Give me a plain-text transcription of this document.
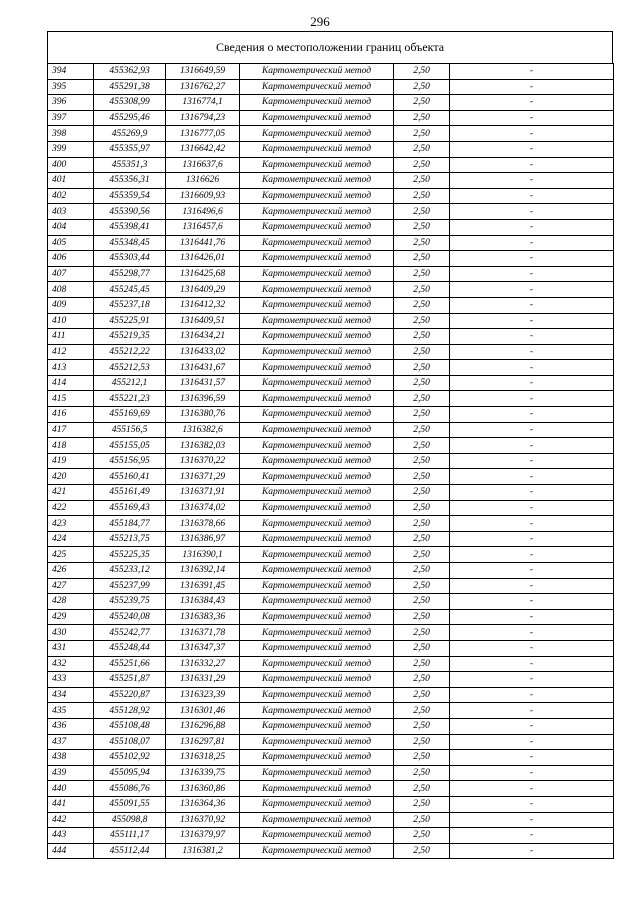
296
Сведения о местоположении границ объекта
394	455362,93	1316649,59	Картометрический метод	2,50	-
395	455291,38	1316762,27	Картометрический метод	2,50	-
396	455308,99	1316774,1	Картометрический метод	2,50	-
397	455295,46	1316794,23	Картометрический метод	2,50	-
398	455269,9	1316777,05	Картометрический метод	2,50	-
399	455355,97	1316642,42	Картометрический метод	2,50	-
400	455351,3	1316637,6	Картометрический метод	2,50	-
401	455356,31	1316626	Картометрический метод	2,50	-
402	455359,54	1316609,93	Картометрический метод	2,50	-
403	455390,56	1316496,6	Картометрический метод	2,50	-
404	455398,41	1316457,6	Картометрический метод	2,50	-
405	455348,45	1316441,76	Картометрический метод	2,50	-
406	455303,44	1316426,01	Картометрический метод	2,50	-
407	455298,77	1316425,68	Картометрический метод	2,50	-
408	455245,45	1316409,29	Картометрический метод	2,50	-
409	455237,18	1316412,32	Картометрический метод	2,50	-
410	455225,91	1316409,51	Картометрический метод	2,50	-
411	455219,35	1316434,21	Картометрический метод	2,50	-
412	455212,22	1316433,02	Картометрический метод	2,50	-
413	455212,53	1316431,67	Картометрический метод	2,50	-
414	455212,1	1316431,57	Картометрический метод	2,50	-
415	455221,23	1316396,59	Картометрический метод	2,50	-
416	455169,69	1316380,76	Картометрический метод	2,50	-
417	455156,5	1316382,6	Картометрический метод	2,50	-
418	455155,05	1316382,03	Картометрический метод	2,50	-
419	455156,95	1316370,22	Картометрический метод	2,50	-
420	455160,41	1316371,29	Картометрический метод	2,50	-
421	455161,49	1316371,91	Картометрический метод	2,50	-
422	455169,43	1316374,02	Картометрический метод	2,50	-
423	455184,77	1316378,66	Картометрический метод	2,50	-
424	455213,75	1316386,97	Картометрический метод	2,50	-
425	455225,35	1316390,1	Картометрический метод	2,50	-
426	455233,12	1316392,14	Картометрический метод	2,50	-
427	455237,99	1316391,45	Картометрический метод	2,50	-
428	455239,75	1316384,43	Картометрический метод	2,50	-
429	455240,08	1316383,36	Картометрический метод	2,50	-
430	455242,77	1316371,78	Картометрический метод	2,50	-
431	455248,44	1316347,37	Картометрический метод	2,50	-
432	455251,66	1316332,27	Картометрический метод	2,50	-
433	455251,87	1316331,29	Картометрический метод	2,50	-
434	455220,87	1316323,39	Картометрический метод	2,50	-
435	455128,92	1316301,46	Картометрический метод	2,50	-
436	455108,48	1316296,88	Картометрический метод	2,50	-
437	455108,07	1316297,81	Картометрический метод	2,50	-
438	455102,92	1316318,25	Картометрический метод	2,50	-
439	455095,94	1316339,75	Картометрический метод	2,50	-
440	455086,76	1316360,86	Картометрический метод	2,50	-
441	455091,55	1316364,36	Картометрический метод	2,50	-
442	455098,8	1316370,92	Картометрический метод	2,50	-
443	455111,17	1316379,97	Картометрический метод	2,50	-
444	455112,44	1316381,2	Картометрический метод	2,50	-
